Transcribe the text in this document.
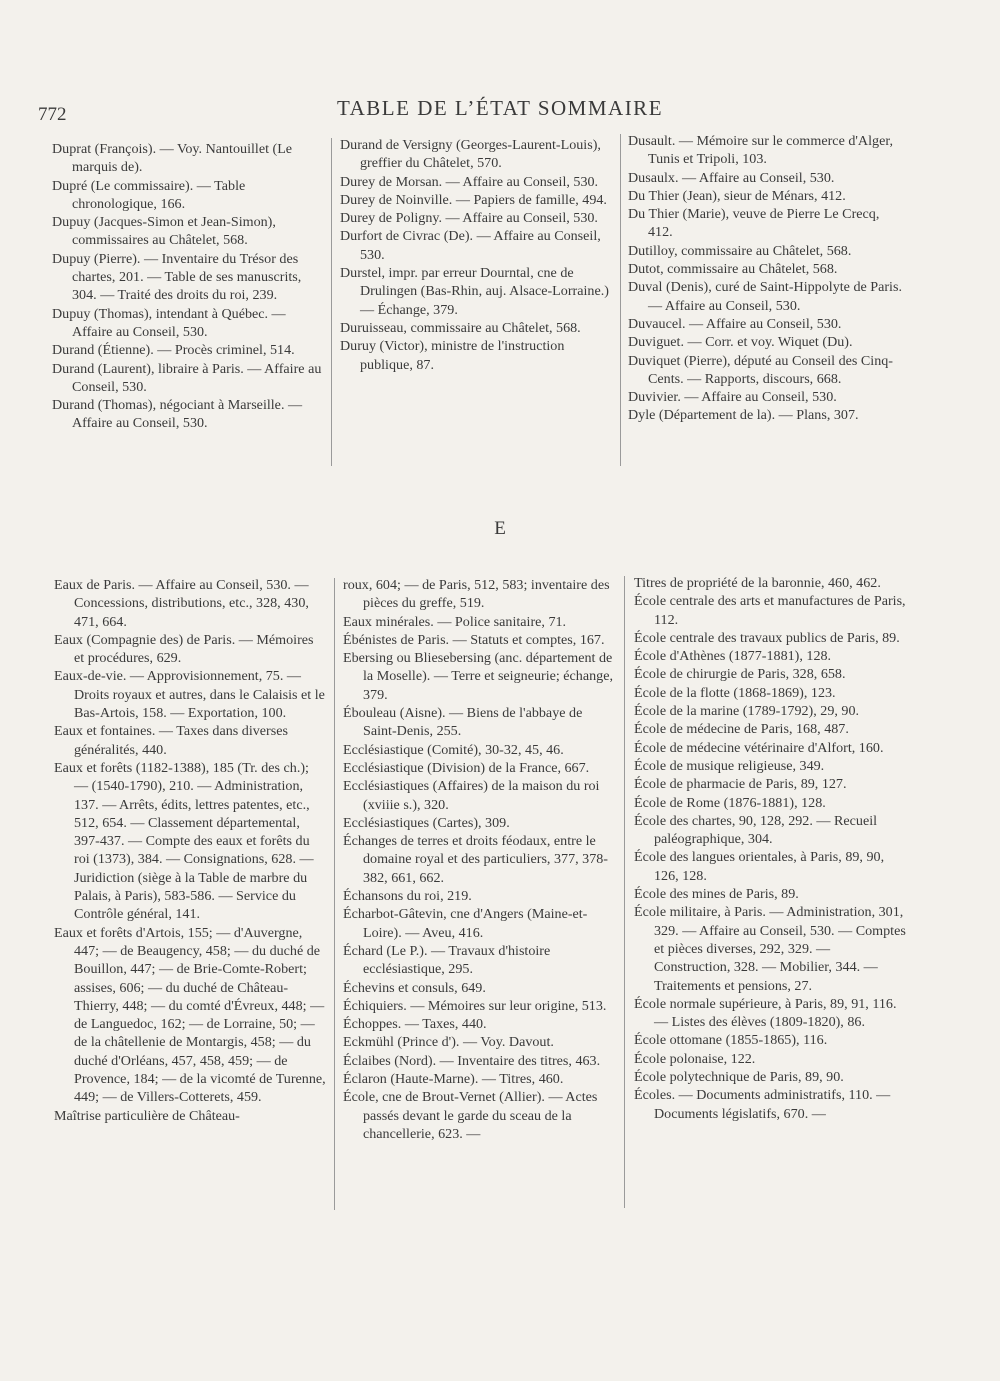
772	TABLE DE L’ÉTAT SOMMAIRE

Duprat (François). — Voy. Nantouillet (Le marquis de).

Dupré (Le commissaire). — Table chronologique, 166.

Dupuy (Jacques-Simon et Jean-Simon), commissaires au Châtelet, 568.

Dupuy (Pierre). — Inventaire du Trésor des chartes, 201. — Table de ses manuscrits, 304. — Traité des droits du roi, 239.

Dupuy (Thomas), intendant à Québec. — Affaire au Conseil, 530.

Durand (Étienne). — Procès criminel, 514.

Durand (Laurent), libraire à Paris. — Affaire au Conseil, 530.

Durand (Thomas), négociant à Marseille. — Affaire au Conseil, 530.

Durand de Versigny (Georges-Laurent-Louis), greffier du Châtelet, 570.

Durey de Morsan. — Affaire au Conseil, 530.

Durey de Noinville. — Papiers de famille, 494.

Durey de Poligny. — Affaire au Conseil, 530.

Durfort de Civrac (De). — Affaire au Conseil, 530.

Durstel, impr. par erreur Dourntal, cne de Drulingen (Bas-Rhin, auj. Alsace-Lorraine.) — Échange, 379.

Duruisseau, commissaire au Châtelet, 568.

Duruy (Victor), ministre de l'instruction publique, 87.

Dusault. — Mémoire sur le commerce d'Alger, Tunis et Tripoli, 103.

Dusaulx. — Affaire au Conseil, 530.

Du Thier (Jean), sieur de Ménars, 412.

Du Thier (Marie), veuve de Pierre Le Crecq, 412.

Dutilloy, commissaire au Châtelet, 568.

Dutot, commissaire au Châtelet, 568.

Duval (Denis), curé de Saint-Hippolyte de Paris. — Affaire au Conseil, 530.

Duvaucel. — Affaire au Conseil, 530.

Duviguet. — Corr. et voy. Wiquet (Du).

Duviquet (Pierre), député au Conseil des Cinq-Cents. — Rapports, discours, 668.

Duvivier. — Affaire au Conseil, 530.

Dyle (Département de la). — Plans, 307.

E

Eaux de Paris. — Affaire au Conseil, 530. — Concessions, distributions, etc., 328, 430, 471, 664.

Eaux (Compagnie des) de Paris. — Mémoires et procédures, 629.

Eaux-de-vie. — Approvisionnement, 75. — Droits royaux et autres, dans le Calaisis et le Bas-Artois, 158. — Exportation, 100.

Eaux et fontaines. — Taxes dans diverses généralités, 440.

Eaux et forêts (1182-1388), 185 (Tr. des ch.); — (1540-1790), 210. — Administration, 137. — Arrêts, édits, lettres patentes, etc., 512, 654. — Classement départemental, 397-437. — Compte des eaux et forêts du roi (1373), 384. — Consignations, 628. — Juridiction (siège à la Table de marbre du Palais, à Paris), 583-586. — Service du Contrôle général, 141.

Eaux et forêts d'Artois, 155; — d'Auvergne, 447; — de Beaugency, 458; — du duché de Bouillon, 447; — de Brie-Comte-Robert; assises, 606; — du duché de Château-Thierry, 448; — du comté d'Évreux, 448; — de Languedoc, 162; — de Lorraine, 50; — de la châtellenie de Montargis, 458; — du duché d'Orléans, 457, 458, 459; — de Provence, 184; — de la vicomté de Turenne, 449; — de Villers-Cotterets, 459.

Maîtrise particulière de Château-

roux, 604; — de Paris, 512, 583; inventaire des pièces du greffe, 519.

Eaux minérales. — Police sanitaire, 71.

Ébénistes de Paris. — Statuts et comptes, 167.

Ebersing ou Bliesebersing (anc. département de la Moselle). — Terre et seigneurie; échange, 379.

Ébouleau (Aisne). — Biens de l'abbaye de Saint-Denis, 255.

Ecclésiastique (Comité), 30-32, 45, 46.

Ecclésiastique (Division) de la France, 667.

Ecclésiastiques (Affaires) de la maison du roi (xviiie s.), 320.

Ecclésiastiques (Cartes), 309.

Échanges de terres et droits féodaux, entre le domaine royal et des particuliers, 377, 378-382, 661, 662.

Échansons du roi, 219.

Écharbot-Gâtevin, cne d'Angers (Maine-et-Loire). — Aveu, 416.

Échard (Le P.). — Travaux d'histoire ecclésiastique, 295.

Échevins et consuls, 649.

Échiquiers. — Mémoires sur leur origine, 513.

Échoppes. — Taxes, 440.

Eckmühl (Prince d'). — Voy. Davout.

Éclaibes (Nord). — Inventaire des titres, 463.

Éclaron (Haute-Marne). — Titres, 460.

École, cne de Brout-Vernet (Allier). — Actes passés devant le garde du sceau de la chancellerie, 623. —

Titres de propriété de la baronnie, 460, 462.

École centrale des arts et manufactures de Paris, 112.

École centrale des travaux publics de Paris, 89.

École d'Athènes (1877-1881), 128.

École de chirurgie de Paris, 328, 658.

École de la flotte (1868-1869), 123.

École de la marine (1789-1792), 29, 90.

École de médecine de Paris, 168, 487.

École de médecine vétérinaire d'Alfort, 160.

École de musique religieuse, 349.

École de pharmacie de Paris, 89, 127.

École de Rome (1876-1881), 128.

École des chartes, 90, 128, 292. — Recueil paléographique, 304.

École des langues orientales, à Paris, 89, 90, 126, 128.

École des mines de Paris, 89.

École militaire, à Paris. — Administration, 301, 329. — Affaire au Conseil, 530. — Comptes et pièces diverses, 292, 329. — Construction, 328. — Mobilier, 344. — Traitements et pensions, 27.

École normale supérieure, à Paris, 89, 91, 116. — Listes des élèves (1809-1820), 86.

École ottomane (1855-1865), 116.

École polonaise, 122.

École polytechnique de Paris, 89, 90.

Écoles. — Documents administratifs, 110. — Documents législatifs, 670. —
